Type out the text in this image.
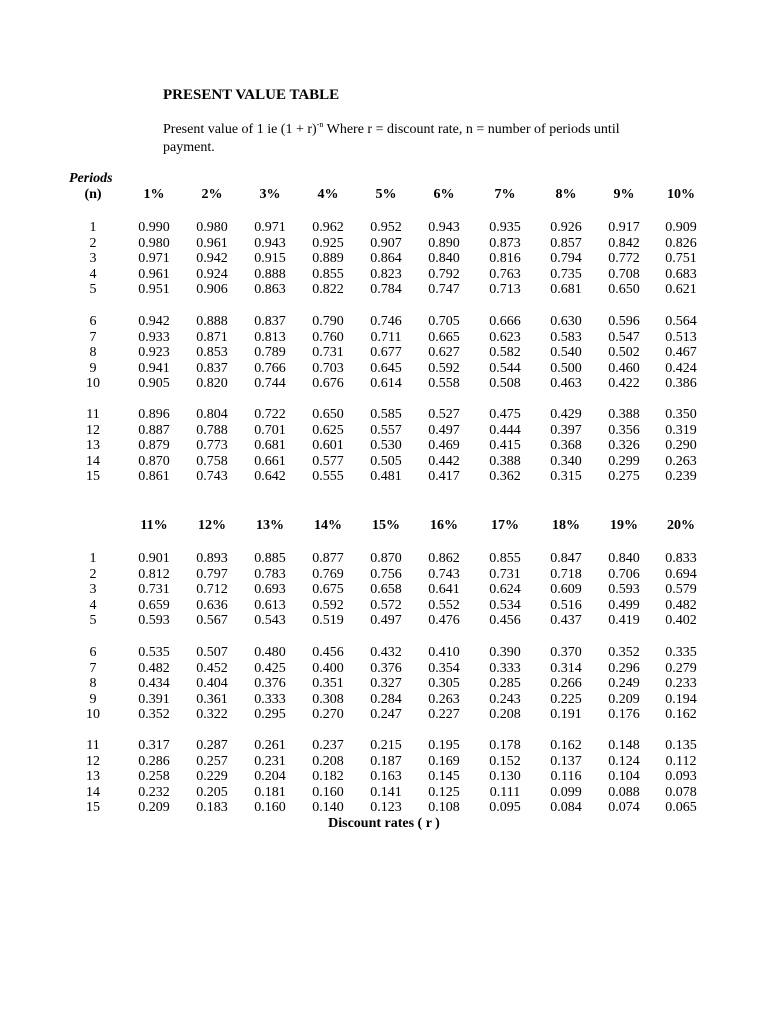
PRESENT VALUE TABLE
Present value of 1 ie $(1 + r)^{-n}$ Where r = discount rate, n = number of periods until payment.
Periods
(n)	1%	2%	3%	4%	5%	6%	7%	8%	9%	10%
1	0.990	0.980	0.971	0.962	0.952	0.943	0.935	0.926	0.917	0.909
2	0.980	0.961	0.943	0.925	0.907	0.890	0.873	0.857	0.842	0.826
3	0.971	0.942	0.915	0.889	0.864	0.840	0.816	0.794	0.772	0.751
4	0.961	0.924	0.888	0.855	0.823	0.792	0.763	0.735	0.708	0.683
5	0.951	0.906	0.863	0.822	0.784	0.747	0.713	0.681	0.650	0.621
6	0.942	0.888	0.837	0.790	0.746	0.705	0.666	0.630	0.596	0.564
7	0.933	0.871	0.813	0.760	0.711	0.665	0.623	0.583	0.547	0.513
8	0.923	0.853	0.789	0.731	0.677	0.627	0.582	0.540	0.502	0.467
9	0.941	0.837	0.766	0.703	0.645	0.592	0.544	0.500	0.460	0.424
10	0.905	0.820	0.744	0.676	0.614	0.558	0.508	0.463	0.422	0.386
11	0.896	0.804	0.722	0.650	0.585	0.527	0.475	0.429	0.388	0.350
12	0.887	0.788	0.701	0.625	0.557	0.497	0.444	0.397	0.356	0.319
13	0.879	0.773	0.681	0.601	0.530	0.469	0.415	0.368	0.326	0.290
14	0.870	0.758	0.661	0.577	0.505	0.442	0.388	0.340	0.299	0.263
15	0.861	0.743	0.642	0.555	0.481	0.417	0.362	0.315	0.275	0.239
11%	12%	13%	14%	15%	16%	17%	18%	19%	20%
1	0.901	0.893	0.885	0.877	0.870	0.862	0.855	0.847	0.840	0.833
2	0.812	0.797	0.783	0.769	0.756	0.743	0.731	0.718	0.706	0.694
3	0.731	0.712	0.693	0.675	0.658	0.641	0.624	0.609	0.593	0.579
4	0.659	0.636	0.613	0.592	0.572	0.552	0.534	0.516	0.499	0.482
5	0.593	0.567	0.543	0.519	0.497	0.476	0.456	0.437	0.419	0.402
6	0.535	0.507	0.480	0.456	0.432	0.410	0.390	0.370	0.352	0.335
7	0.482	0.452	0.425	0.400	0.376	0.354	0.333	0.314	0.296	0.279
8	0.434	0.404	0.376	0.351	0.327	0.305	0.285	0.266	0.249	0.233
9	0.391	0.361	0.333	0.308	0.284	0.263	0.243	0.225	0.209	0.194
10	0.352	0.322	0.295	0.270	0.247	0.227	0.208	0.191	0.176	0.162
11	0.317	0.287	0.261	0.237	0.215	0.195	0.178	0.162	0.148	0.135
12	0.286	0.257	0.231	0.208	0.187	0.169	0.152	0.137	0.124	0.112
13	0.258	0.229	0.204	0.182	0.163	0.145	0.130	0.116	0.104	0.093
14	0.232	0.205	0.181	0.160	0.141	0.125	0.111	0.099	0.088	0.078
15	0.209	0.183	0.160	0.140	0.123	0.108	0.095	0.084	0.074	0.065
Discount rates ( r )
